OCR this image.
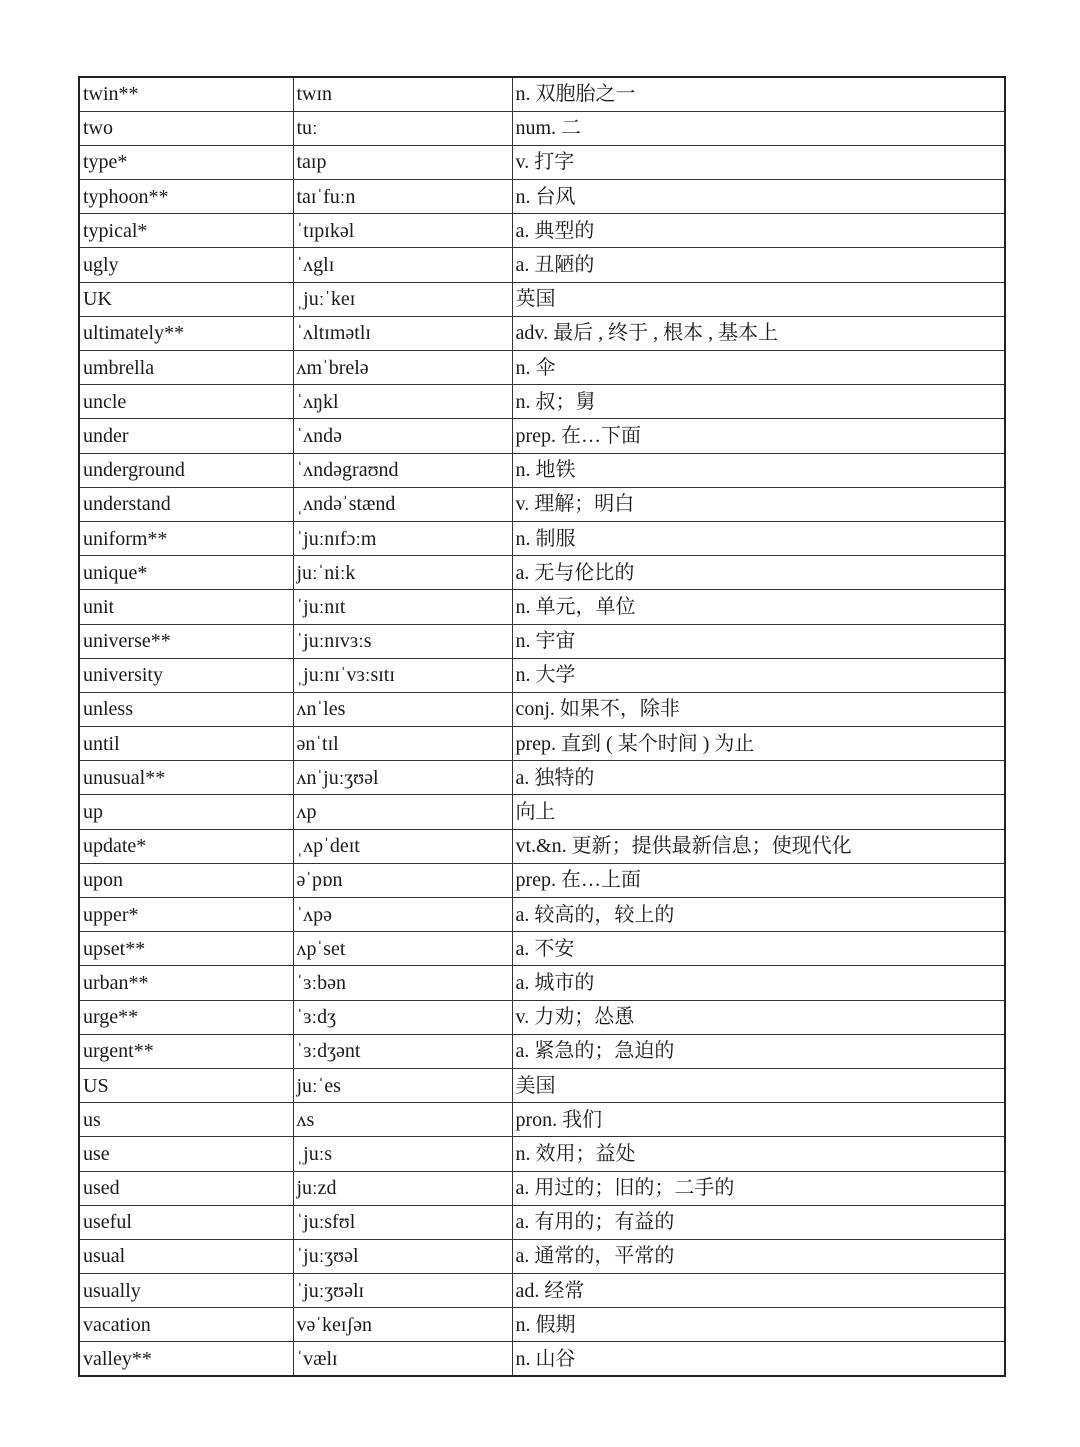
twin**	twɪn	n. 双胞胎之一
two	tuː	num. 二
type*	taɪp	v. 打字
typhoon**	taɪˈfuːn	n. 台风
typical*	ˈtɪpɪkəl	a. 典型的
ugly	ˈʌglɪ	a. 丑陋的
UK	ˌjuːˈkeɪ	英国
ultimately**	ˈʌltɪmətlɪ	adv. 最后 , 终于 , 根本 , 基本上
umbrella	ʌmˈbrelə	n. 伞
uncle	ˈʌŋkl	n. 叔；舅
under	ˈʌndə	prep. 在…下面
underground	ˈʌndəgraʊnd	n. 地铁
understand	ˌʌndəˈstænd	v. 理解；明白
uniform**	ˈjuːnɪfɔːm	n. 制服
unique*	juːˈniːk	a. 无与伦比的
unit	ˈjuːnɪt	n. 单元，单位
universe**	ˈjuːnɪvɜːs	n. 宇宙
university	ˌjuːnɪˈvɜːsɪtɪ	n. 大学
unless	ʌnˈles	conj. 如果不，除非
until	ənˈtɪl	prep. 直到 ( 某个时间 ) 为止
unusual**	ʌnˈjuːʒʊəl	a. 独特的
up	ʌp	向上
update*	ˌʌpˈdeɪt	vt.&n. 更新；提供最新信息；使现代化
upon	əˈpɒn	prep. 在…上面
upper*	ˈʌpə	a. 较高的，较上的
upset**	ʌpˈset	a. 不安
urban**	ˈɜːbən	a. 城市的
urge**	ˈɜːdʒ	v. 力劝；怂恿
urgent**	ˈɜːdʒənt	a. 紧急的；急迫的
US	juːˈes	美国
us	ʌs	pron. 我们
use	ˌjuːs	n. 效用；益处
used	juːzd	a. 用过的；旧的；二手的
useful	ˈjuːsfʊl	a. 有用的；有益的
usual	ˈjuːʒʊəl	a. 通常的，平常的
usually	ˈjuːʒʊəlɪ	ad. 经常
vacation	vəˈkeɪʃən	n. 假期
valley**	ˈvælɪ	n. 山谷
